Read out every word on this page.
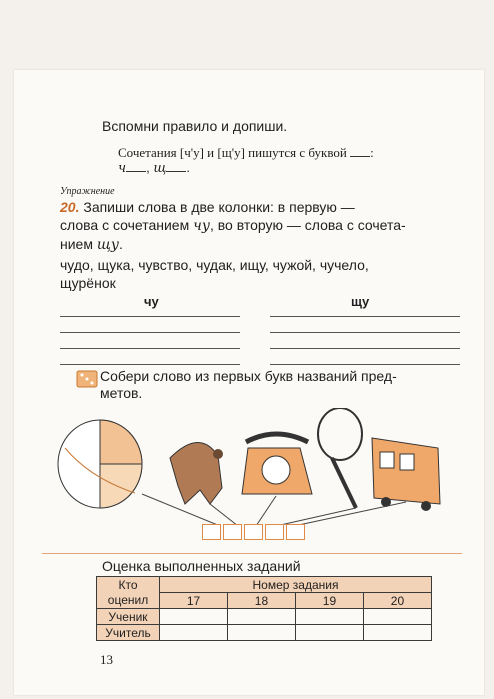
Вспомни правило и допиши.
Сочетания [ч'у] и [щ'у] пишутся с буквой :
ч , щ .
Упражнение
20. Запиши слова в две колонки: в первую —
слова с сочетанием чу, во вторую — слова с сочета-
нием щу.
чудо, щука, чувство, чудак, ищу, чужой, чучело,
щурёнок
чу	щу
Собери слово из первых букв названий пред-
метов.
Оценка выполненных заданий
Кто	Номер задания			
оценил	17	18	19	20
Ученик				
Учитель				
13
